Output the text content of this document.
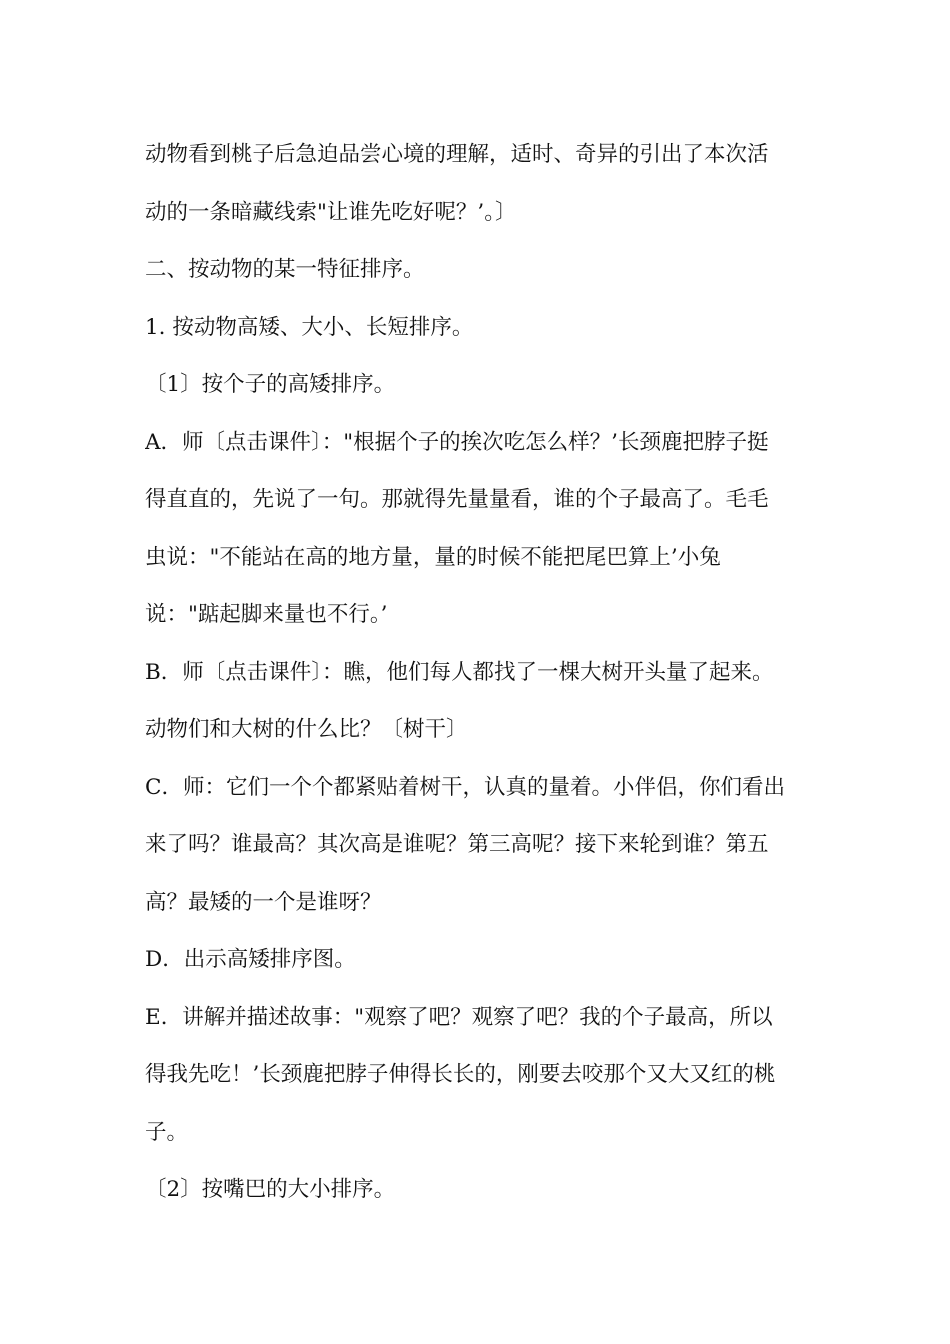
动物看到桃子后急迫品尝心境的理解，适时、奇异的引出了本次活
动的一条暗藏线索"让谁先吃好呢？’。〕
二、按动物的某一特征排序。
1. 按动物高矮、大小、长短排序。
〔1〕按个子的高矮排序。
A．师〔点击课件〕："根据个子的挨次吃怎么样？’长颈鹿把脖子挺
得直直的，先说了一句。那就得先量量看，谁的个子最高了。毛毛
虫说："不能站在高的地方量，量的时候不能把尾巴算上’小兔
说："踮起脚来量也不行。’
B．师〔点击课件〕：瞧，他们每人都找了一棵大树开头量了起来。
动物们和大树的什么比？〔树干〕
C．师：它们一个个都紧贴着树干，认真的量着。小伴侣，你们看出
来了吗？谁最高？其次高是谁呢？第三高呢？接下来轮到谁？第五
高？最矮的一个是谁呀？
D．出示高矮排序图。
E．讲解并描述故事："观察了吧？观察了吧？我的个子最高，所以
得我先吃！’长颈鹿把脖子伸得长长的，刚要去咬那个又大又红的桃
子。
〔2〕按嘴巴的大小排序。
